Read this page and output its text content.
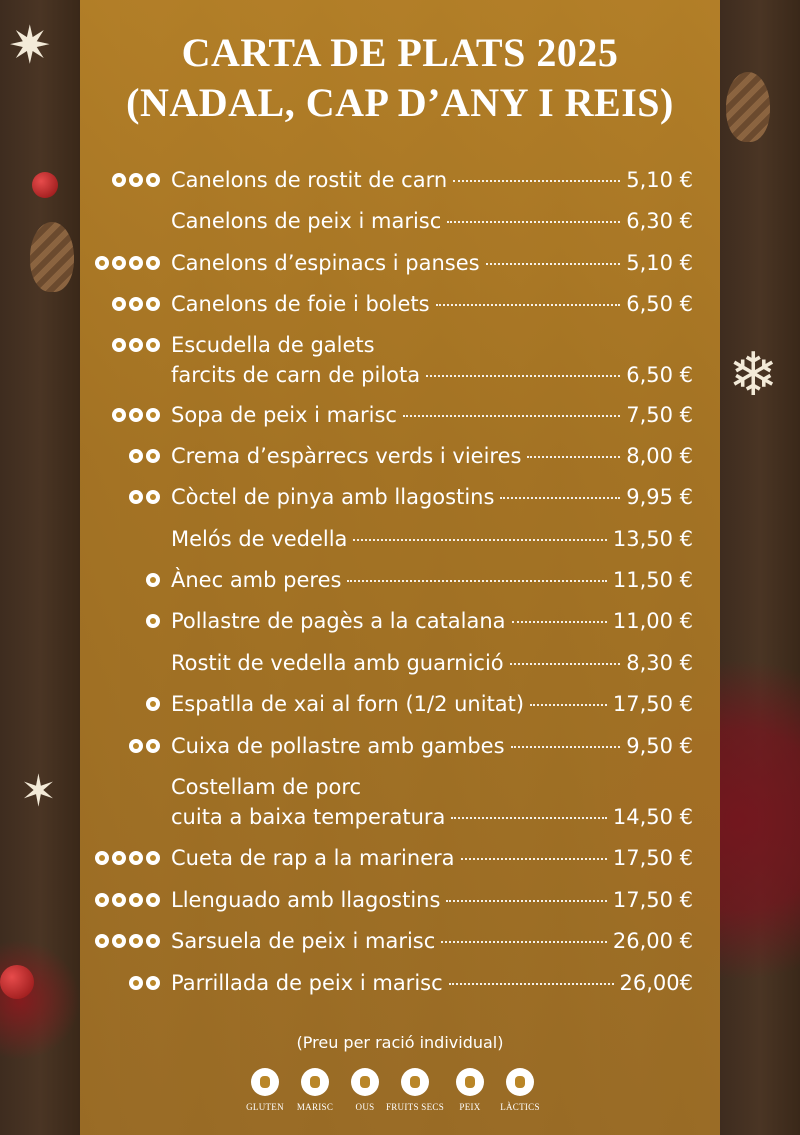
✷
✶
❄
CARTA DE PLATS 2025
(NADAL, CAP D’ANY I REIS)
Canelons de rostit de carn	5,10 €
Canelons de peix i marisc	6,30 €
Canelons d’espinacs i panses	5,10 €
Canelons de foie i bolets	6,50 €
Escudella de galets
farcits de carn de pilota	6,50 €
Sopa de peix i marisc	7,50 €
Crema d’espàrrecs verds i vieires	8,00 €
Còctel de pinya amb llagostins	9,95 €
Melós de vedella	13,50 €
Ànec amb peres	11,50 €
Pollastre de pagès a la catalana	11,00 €
Rostit de vedella amb guarnició	8,30 €
Espatlla de xai al forn (1/2 unitat)	17,50 €
Cuixa de pollastre amb gambes	9,50 €
Costellam de porc
cuita a baixa temperatura	14,50 €
Cueta de rap a la marinera	17,50 €
Llenguado amb llagostins	17,50 €
Sarsuela de peix i marisc	26,00 €
Parrillada de peix i marisc	26,00€
(Preu per ració individual)
GLUTEN	MARISC	OUS	FRUITS SECS	PEIX	LÀCTICS
